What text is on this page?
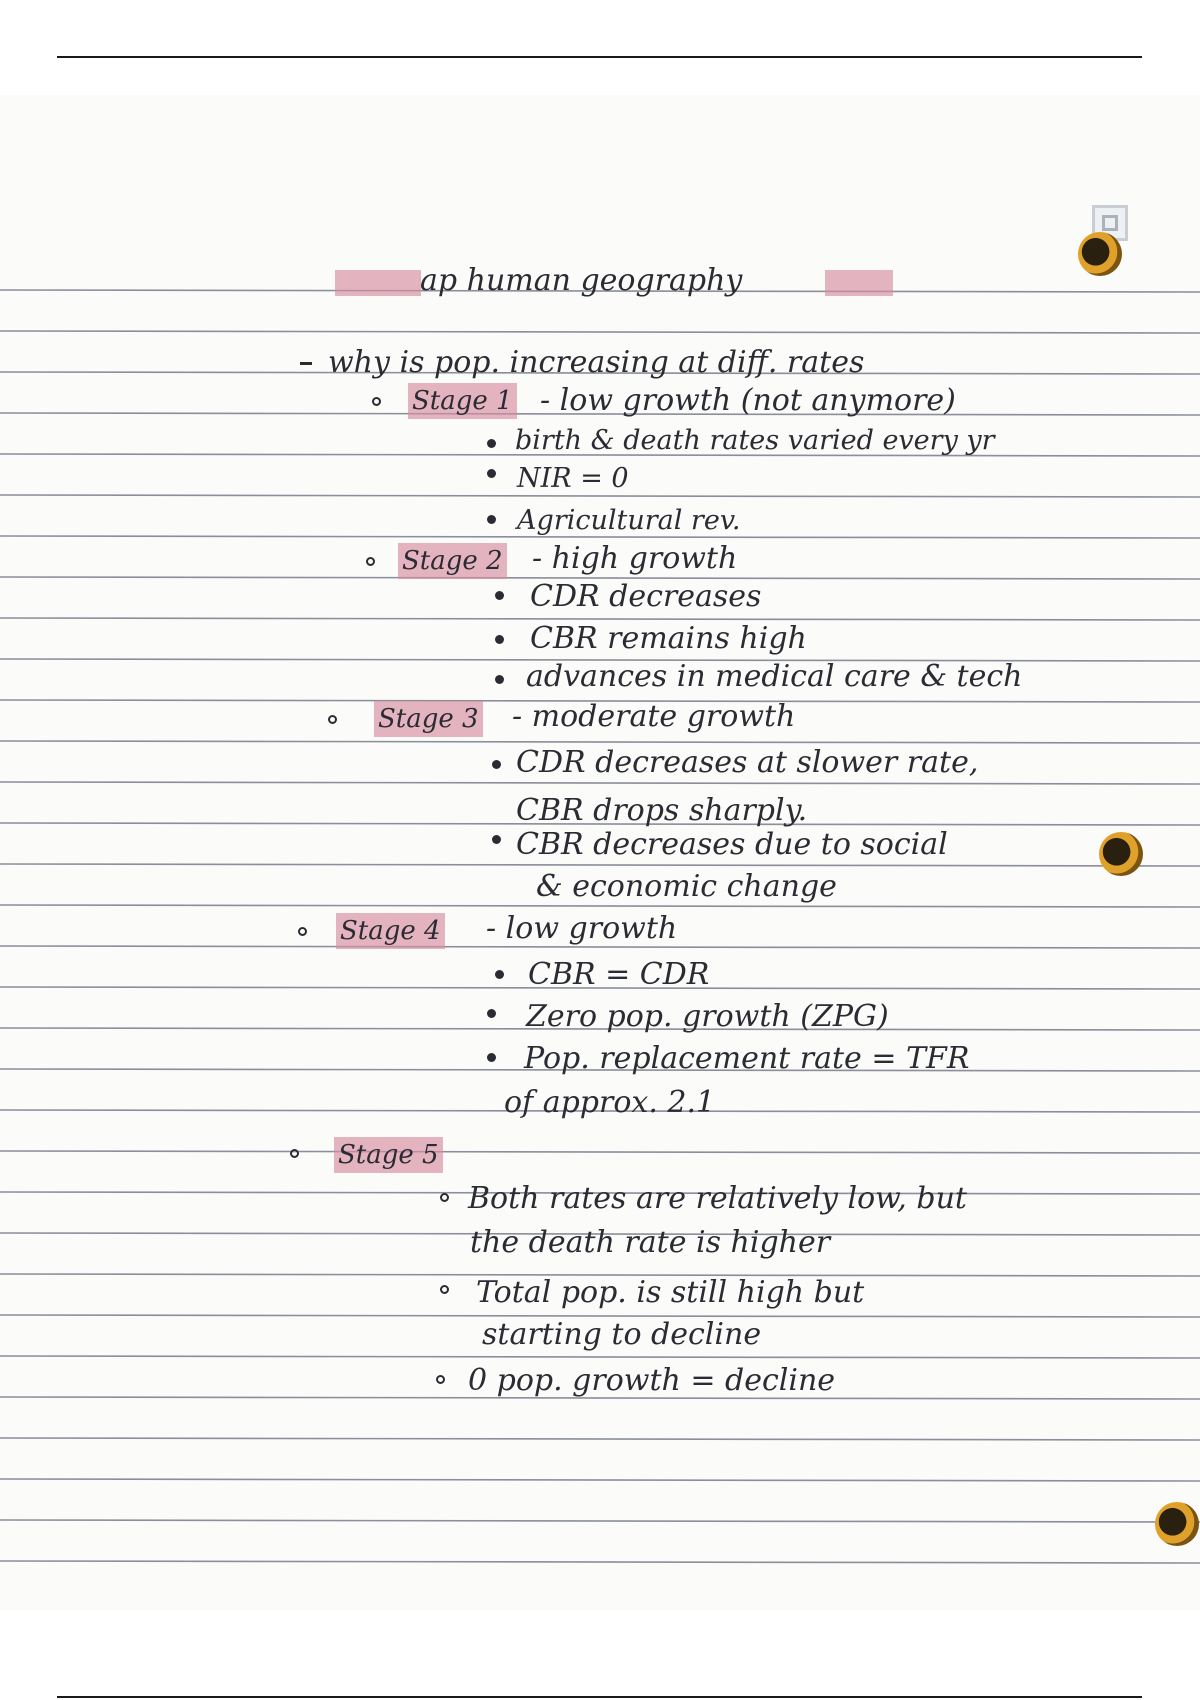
ap human geography
why is pop. increasing at diff. rates
Stage 1 - low growth (not anymore)
birth & death rates varied every yr
NIR = 0
Agricultural rev.
Stage 2 - high growth
CDR decreases
CBR remains high
advances in medical care & tech
Stage 3 - moderate growth
CDR decreases at slower rate,
CBR drops sharply.
CBR decreases due to social
& economic change
Stage 4 - low growth
CBR = CDR
Zero pop. growth (ZPG)
Pop. replacement rate = TFR
of approx. 2.1
Stage 5
Both rates are relatively low, but
the death rate is higher
Total pop. is still high but
starting to decline
0 pop. growth = decline
